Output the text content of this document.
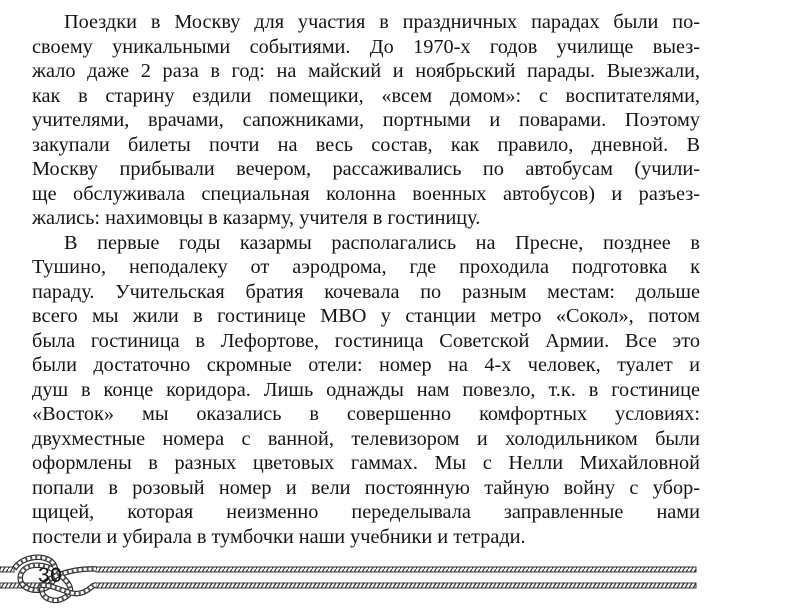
Поездки в Москву для участия в праздничных парадах были по-
своему уникальными событиями. До 1970-х годов училище выез-
жало даже 2 раза в год: на майский и ноябрьский парады. Выезжали,
как в старину ездили помещики, «всем домом»: с воспитателями,
учителями, врачами, сапожниками, портными и поварами. Поэтому
закупали билеты почти на весь состав, как правило, дневной. В
Москву прибывали вечером, рассаживались по автобусам (учили-
ще обслуживала специальная колонна военных автобусов) и разъез-
жались: нахимовцы в казарму, учителя в гостиницу.

В первые годы казармы располагались на Пресне, позднее в
Тушино, неподалеку от аэродрома, где проходила подготовка к
параду. Учительская братия кочевала по разным местам: дольше
всего мы жили в гостинице МВО у станции метро «Сокол», потом
была гостиница в Лефортове, гостиница Советской Армии. Все это
были достаточно скромные отели: номер на 4-х человек, туалет и
душ в конце коридора. Лишь однажды нам повезло, т.к. в гостинице
«Восток» мы оказались в совершенно комфортных условиях:
двухместные номера с ванной, телевизором и холодильником были
оформлены в разных цветовых гаммах. Мы с Нелли Михайловной
попали в розовый номер и вели постоянную тайную войну с убор-
щицей, которая неизменно переделывала заправленные нами
постели и убирала в тумбочки наши учебники и тетради.

30
